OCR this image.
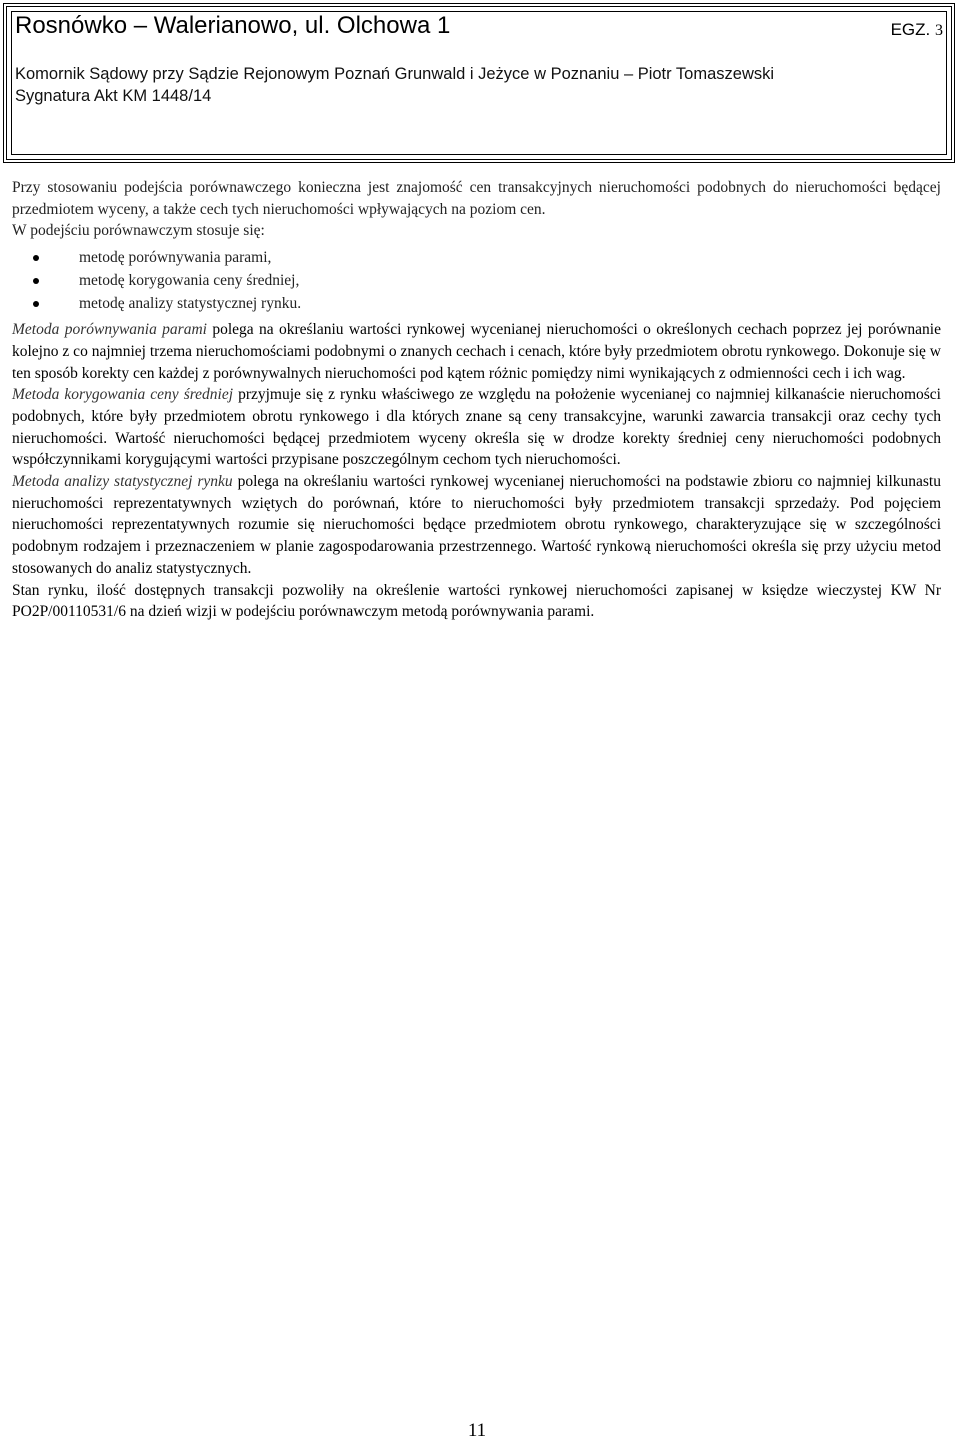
Rosnówko – Walerianowo, ul. Olchowa 1	EGZ. 3
Komornik Sądowy przy Sądzie Rejonowym Poznań Grunwald i Jeżyce w Poznaniu – Piotr Tomaszewski
Sygnatura Akt KM 1448/14

Przy stosowaniu podejścia porównawczego konieczna jest znajomość cen transakcyjnych nieruchomości podobnych do nieruchomości będącej przedmiotem wyceny, a także cech tych nieruchomości wpływających na poziom cen.

W podejściu porównawczym stosuje się:

metodę porównywania parami,
metodę korygowania ceny średniej,
metodę analizy statystycznej rynku.

Metoda porównywania parami polega na określaniu wartości rynkowej wycenianej nieruchomości o określonych cechach poprzez jej porównanie kolejno z co najmniej trzema nieruchomościami podobnymi o znanych cechach i cenach, które były przedmiotem obrotu rynkowego. Dokonuje się w ten sposób korekty cen każdej z porównywalnych nieruchomości pod kątem różnic pomiędzy nimi wynikających z odmienności cech i ich wag.

Metoda korygowania ceny średniej przyjmuje się z rynku właściwego ze względu na położenie wycenianej co najmniej kilkanaście nieruchomości podobnych, które były przedmiotem obrotu rynkowego i dla których znane są ceny transakcyjne, warunki zawarcia transakcji oraz cechy tych nieruchomości. Wartość nieruchomości będącej przedmiotem wyceny określa się w drodze korekty średniej ceny nieruchomości podobnych współczynnikami korygującymi wartości przypisane poszczególnym cechom tych nieruchomości.

Metoda analizy statystycznej rynku polega na określaniu wartości rynkowej wycenianej nieruchomości na podstawie zbioru co najmniej kilkunastu nieruchomości reprezentatywnych wziętych do porównań, które to nieruchomości były przedmiotem transakcji sprzedaży. Pod pojęciem nieruchomości reprezentatywnych rozumie się nieruchomości będące przedmiotem obrotu rynkowego, charakteryzujące się w szczególności podobnym rodzajem i przeznaczeniem w planie zagospodarowania przestrzennego. Wartość rynkową nieruchomości określa się przy użyciu metod stosowanych do analiz statystycznych.

Stan rynku, ilość dostępnych transakcji pozwoliły na określenie wartości rynkowej nieruchomości zapisanej w księdze wieczystej KW Nr PO2P/00110531/6 na dzień wizji w podejściu porównawczym metodą porównywania parami.

11
